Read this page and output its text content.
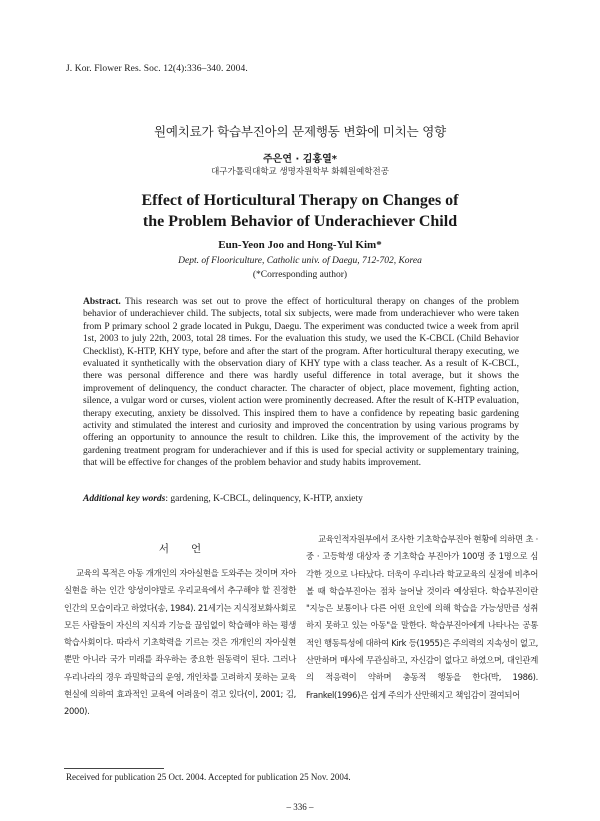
J. Kor. Flower Res. Soc. 12(4):336–340. 2004.
원예치료가 학습부진아의 문제행동 변화에 미치는 영향
주은연 · 김홍열*
대구가톨릭대학교 생명자원학부 화훼원예학전공
Effect of Horticultural Therapy on Changes of
the Problem Behavior of Underachiever Child
Eun-Yeon Joo and Hong-Yul Kim*
Dept. of Flooriculture, Catholic univ. of Daegu, 712-702, Korea
(*Corresponding author)

Abstract. This research was set out to prove the effect of horticultural therapy on changes of the problem behavior of underachiever child. The subjects, total six subjects, were made from underachiever who were taken from P primary school 2 grade located in Pukgu, Daegu. The experiment was conducted twice a week from april 1st, 2003 to july 22th, 2003, total 28 times. For the evaluation this study, we used the K-CBCL (Child Behavior Checklist), K-HTP, KHY type, before and after the start of the program. After horticultural therapy executing, we evaluated it synthetically with the observation diary of KHY type with a class teacher. As a result of K-CBCL, there was personal difference and there was hardly useful difference in total average, but it shows the improvement of delinquency, the conduct character. The character of object, place movement, fighting action, silence, a vulgar word or curses, violent action were prominently decreased. After the result of K-HTP evaluation, therapy executing, anxiety be dissolved. This inspired them to have a confidence by repeating basic gardening activity and stimulated the interest and curiosity and improved the concentration by using various programs by offering an opportunity to announce the result to children. Like this, the improvement of the activity by the gardening treatment program for underachiever and if this is used for special activity or supplementary training, that will be effective for changes of the problem behavior and study habits improvement.

Additional key words: gardening, K-CBCL, delinquency, K-HTP, anxiety
서언

교육의 목적은 아동 개개인의 자아실현을 도와주는 것이며 자아실현을 하는 인간 양성이야말로 우리교육에서 추구해야 할 진정한 인간의 모습이라고 하였다(송, 1984). 21세기는 지식정보화사회로 모든 사람들이 자신의 지식과 기능을 끊임없이 학습해야 하는 평생학습사회이다. 따라서 기초학력을 기르는 것은 개개인의 자아실현뿐만 아니라 국가 미래를 좌우하는 중요한 원동력이 된다. 그러나 우리나라의 경우 과밀학급의 운영, 개인차를 고려하지 못하는 교육현실에 의하여 효과적인 교육에 어려움이 겪고 있다(이, 2001; 김, 2000).

교육인적자원부에서 조사한 기초학습부진아 현황에 의하면 초 · 중 · 고등학생 대상자 중 기초학습 부진아가 100명 중 1명으로 심각한 것으로 나타났다. 더욱이 우리나라 학교교육의 실정에 비추어 볼 때 학습부진아는 점차 늘어날 것이라 예상된다. 학습부진이란 "지능은 보통이나 다른 어떤 요인에 의해 학습을 가능성만큼 성취하지 못하고 있는 아동"을 말한다. 학습부진아에게 나타나는 공통적인 행동특성에 대하여 Kirk 등(1955)은 주의력의 지속성이 없고, 산만하며 매사에 무관심하고, 자신감이 없다고 하였으며, 대인관계의 적응력이 약하며 충동적 행동을 한다(박, 1986). Frankel(1996)은 쉽게 주의가 산만해지고 책임감이 결여되어

Received for publication 25 Oct. 2004. Accepted for publication 25 Nov. 2004.
– 336 –
